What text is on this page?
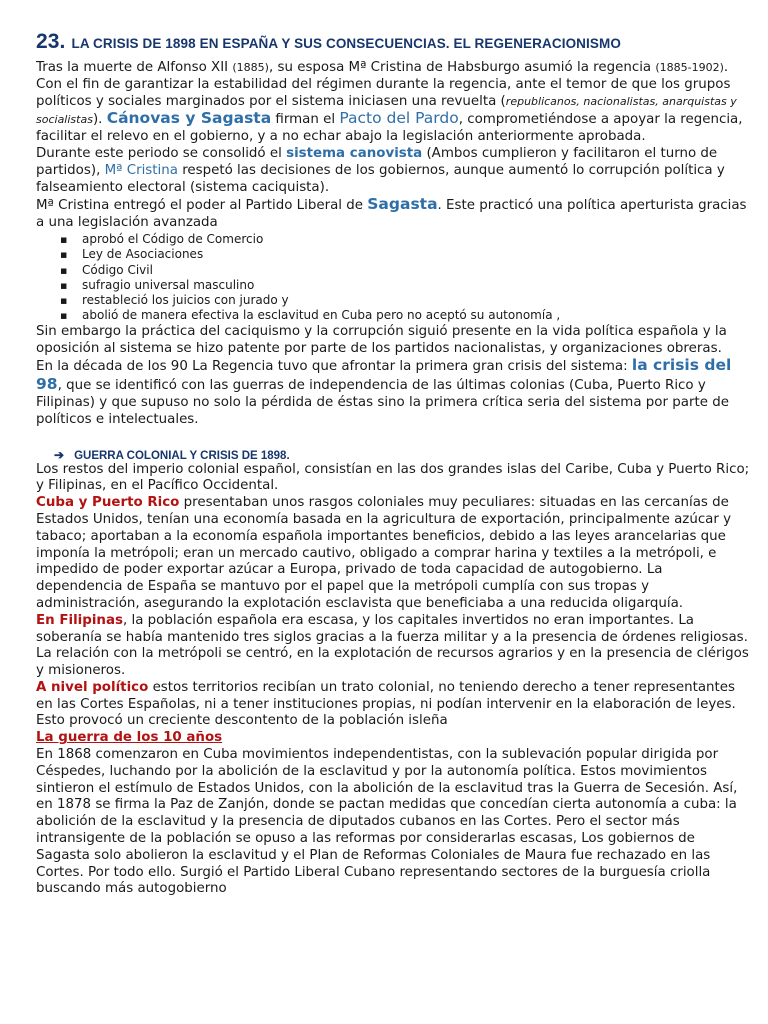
23. LA CRISIS DE 1898 EN ESPAÑA Y SUS CONSECUENCIAS. EL REGENERACIONISMO

Tras la muerte de Alfonso XII (1885), su esposa Mª Cristina de Habsburgo asumió la regencia (1885-1902). Con el fin de garantizar la estabilidad del régimen durante la regencia, ante el temor de que los grupos políticos y sociales marginados por el sistema iniciasen una revuelta (republicanos, nacionalistas, anarquistas y socialistas). Cánovas y Sagasta firman el Pacto del Pardo, comprometiéndose a apoyar la regencia, facilitar el relevo en el gobierno, y a no echar abajo la legislación anteriormente aprobada.

Durante este periodo se consolidó el sistema canovista (Ambos cumplieron y facilitaron el turno de partidos), Mª Cristina respetó las decisiones de los gobiernos, aunque aumentó lo corrupción política y falseamiento electoral (sistema caciquista).

Mª Cristina entregó el poder al Partido Liberal de Sagasta. Este practicó una política aperturista gracias a una legislación avanzada

▪ aprobó el Código de Comercio
▪ Ley de Asociaciones
▪ Código Civil
▪ sufragio universal masculino
▪ restableció los juicios con jurado y
▪ abolió de manera efectiva la esclavitud en Cuba pero no aceptó su autonomía ,

Sin embargo la práctica del caciquismo y la corrupción siguió presente en la vida política española y la oposición al sistema se hizo patente por parte de los partidos nacionalistas, y organizaciones obreras.

En la década de los 90 La Regencia tuvo que afrontar la primera gran crisis del sistema: la crisis del 98, que se identificó con las guerras de independencia de las últimas colonias (Cuba, Puerto Rico y Filipinas) y que supuso no solo la pérdida de éstas sino la primera crítica seria del sistema por parte de políticos e intelectuales.

➔ GUERRA COLONIAL Y CRISIS DE 1898.

Los restos del imperio colonial español, consistían en las dos grandes islas del Caribe, Cuba y Puerto Rico; y Filipinas, en el Pacífico Occidental.

Cuba y Puerto Rico presentaban unos rasgos coloniales muy peculiares: situadas en las cercanías de Estados Unidos, tenían una economía basada en la agricultura de exportación, principalmente azúcar y tabaco; aportaban a la economía española importantes beneficios, debido a las leyes arancelarias que imponía la metrópoli; eran un mercado cautivo, obligado a comprar harina y textiles a la metrópoli, e impedido de poder exportar azúcar a Europa, privado de toda capacidad de autogobierno. La dependencia de España se mantuvo por el papel que la metrópoli cumplía con sus tropas y administración, asegurando la explotación esclavista que beneficiaba a una reducida oligarquía.

En Filipinas, la población española era escasa, y los capitales invertidos no eran importantes. La soberanía se había mantenido tres siglos gracias a la fuerza militar y a la presencia de órdenes religiosas. La relación con la metrópoli se centró, en la explotación de recursos agrarios y en la presencia de clérigos y misioneros.

A nivel político estos territorios recibían un trato colonial, no teniendo derecho a tener representantes en las Cortes Españolas, ni a tener instituciones propias, ni podían intervenir en la elaboración de leyes. Esto provocó un creciente descontento de la población isleña

La guerra de los 10 años

En 1868 comenzaron en Cuba movimientos independentistas, con la sublevación popular dirigida por Céspedes, luchando por la abolición de la esclavitud y por la autonomía política. Estos movimientos sintieron el estímulo de Estados Unidos, con la abolición de la esclavitud tras la Guerra de Secesión. Así, en 1878 se firma la Paz de Zanjón, donde se pactan medidas que concedían cierta autonomía a cuba: la abolición de la esclavitud y la presencia de diputados cubanos en las Cortes. Pero el sector más intransigente de la población se opuso a las reformas por considerarlas escasas, Los gobiernos de Sagasta solo abolieron la esclavitud y el Plan de Reformas Coloniales de Maura fue rechazado en las Cortes. Por todo ello. Surgió el Partido Liberal Cubano representando sectores de la burguesía criolla buscando más autogobierno
